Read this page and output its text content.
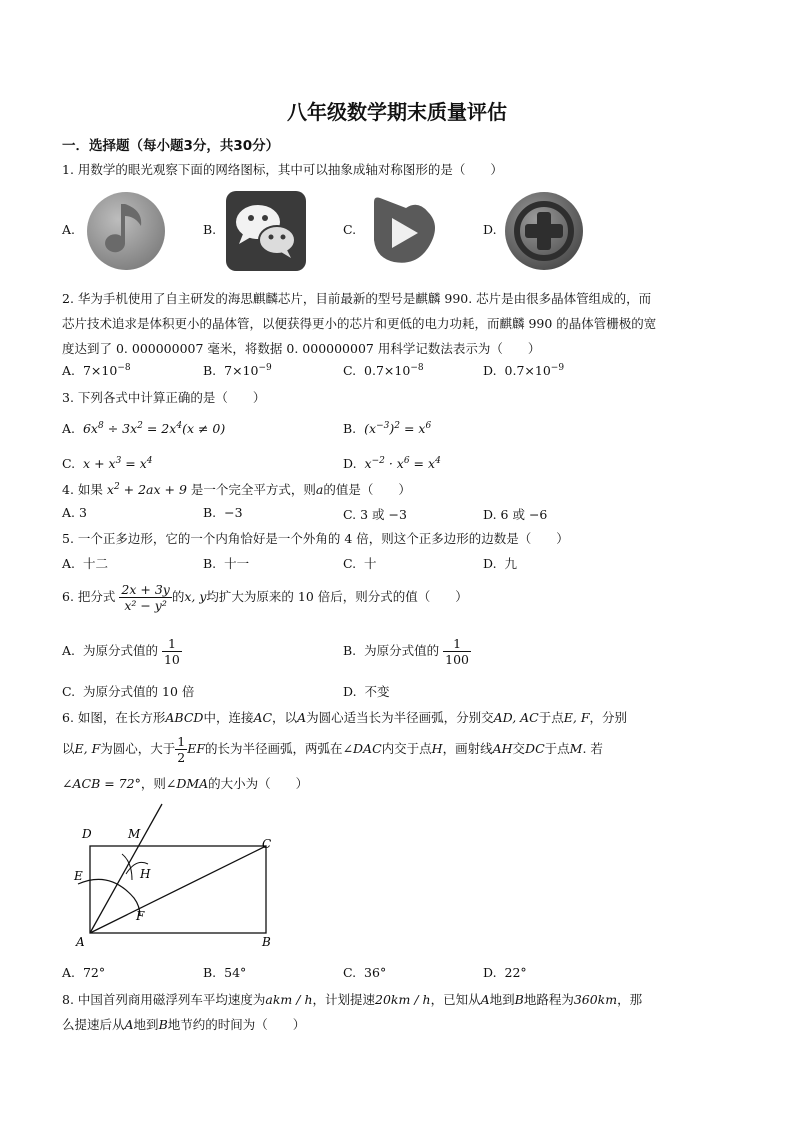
八年级数学期末质量评估
一．选择题（每小题3分，共30分）
1. 用数学的眼光观察下面的网络图标，其中可以抽象成轴对称图形的是（　　）
A.	B.	C.	D.
2. 华为手机使用了自主研发的海思麒麟芯片，目前最新的型号是麒麟 990. 芯片是由很多晶体管组成的，而
芯片技术追求是体积更小的晶体管，以便获得更小的芯片和更低的电力功耗，而麒麟 990 的晶体管栅极的宽
度达到了 0. 000000007 毫米，将数据 0. 000000007 用科学记数法表示为（　　）
A. $7\times 10^{-8}$	B. $7\times 10^{-9}$	C. $0.7\times 10^{-8}$	D. $0.7\times 10^{-9}$
3. 下列各式中计算正确的是（　　）
A. $6x^8 \div 3x^2 = 2x^4(x \ne 0)$	B. $(x^{-3})^2 = x^6$
C. $x + x^3 = x^4$	D. $x^{-2} \cdot x^6 = x^4$
4. 如果 $x^2 + 2ax + 9$ 是一个完全平方式，则a的值是（　　）
A. 3	B. −3	C. 3 或 −3	D. 6 或 −6
5. 一个正多边形，它的一个内角恰好是一个外角的 4 倍，则这个正多边形的边数是（　　）
A. 十二	B. 十一	C. 十	D. 九
6. 把分式 $\frac{2x + 3y}{\text{x² − y²}}$ 的x, y均扩大为原来的 10 倍后，则分式的值（　　）
A. 为原分式值的 $\frac{1}{10}$	B. 为原分式值的 $\frac{1}{100}$
C. 为原分式值的 10 倍	D. 不变
6. 如图，在长方形ABCD中，连接AC，以A为圆心适当长为半径画弧，分别交AD, AC于点E, F，分别
以E, F为圆心，大于 $\frac{1}{2}$ EF的长为半径画弧，两弧在∠DAC内交于点H，画射线AH交DC于点M. 若
∠ACB = 72°，则∠DMA的大小为（　　）
D	M
C
E	H
F
A	B
A. 72°	B. 54°	C. 36°	D. 22°
8. 中国首列商用磁浮列车平均速度为akm / h，计划提速20km / h，已知从A地到B地路程为360km，那
么提速后从A地到B地节约的时间为（　　）
